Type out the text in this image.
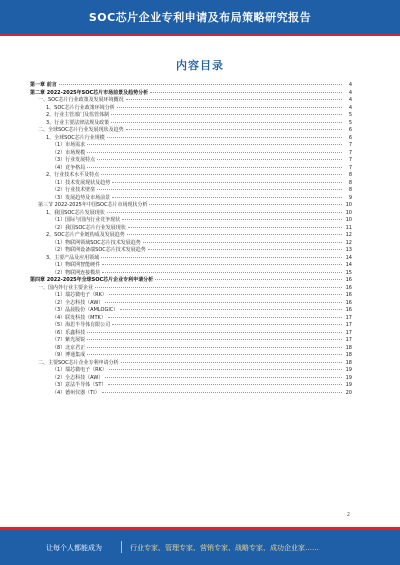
SOC芯片企业专利申请及布局策略研究报告
内容目录
第一章 前言	4
第二章 2022-2025年SOC芯片市场前景及趋势分析	4
一、SOC芯片行业政策及发展环境概况	4
1、SOC芯片行业政策环境分析	4
2、行业主管部门及监管体制	5
3、行业主要法律法规及政策	5
二、全球SOC芯片行业发展现状及趋势	6
1、全球SOC芯片行业规模	6
（1）市场需求	7
（2）市场规模	7
（3）行业发展特点	7
（4）竞争格局	7
2、行业技术水平及特点	8
（1）技术发展现状及趋势	8
（2）行业技术壁垒	8
（3）发展趋势及市场前景	9
第三节 2022-2025年中国SOC芯片市场现状分析	10
1、我国SOC芯片发展现状	10
（1）国际与国内行业竞争现状	10
（2）我国SOC芯片行业发展现状	11
2、SOC芯片产业链构成及发展趋势	12
（1）物联网领域SOC芯片技术发展趋势	12
（2）物联网设备端SOC芯片技术发展趋势	13
3、主要产品及应用领域	14
（1）物联网智能硬件	14
（2）物联网连接模块	15
第四章 2022-2025年全球SOC芯片企业专利申请分析	16
一、国内外行业主要企业	16
（1）瑞芯微电子（RK）	16
（2）全志科技（AW）	16
（3）晶晨股份（AMLOGIC）	16
（4）联发科技（MTK）	17
（5）海思半导体有限公司	17
（6）乐鑫科技	17
（7）紫光展锐	17
（8）北京君正	18
（9）博通集成	18
二、主要SOC芯片企业专利申请分析	18
（1）瑞芯微电子（RK）	19
（2）全志科技（AW）	19
（3）意法半导体（ST）	19
（4）德州仪器（TI）	20
2
让每个人都能成为	行业专家、管理专家、营销专家、战略专家、成功企业家……
